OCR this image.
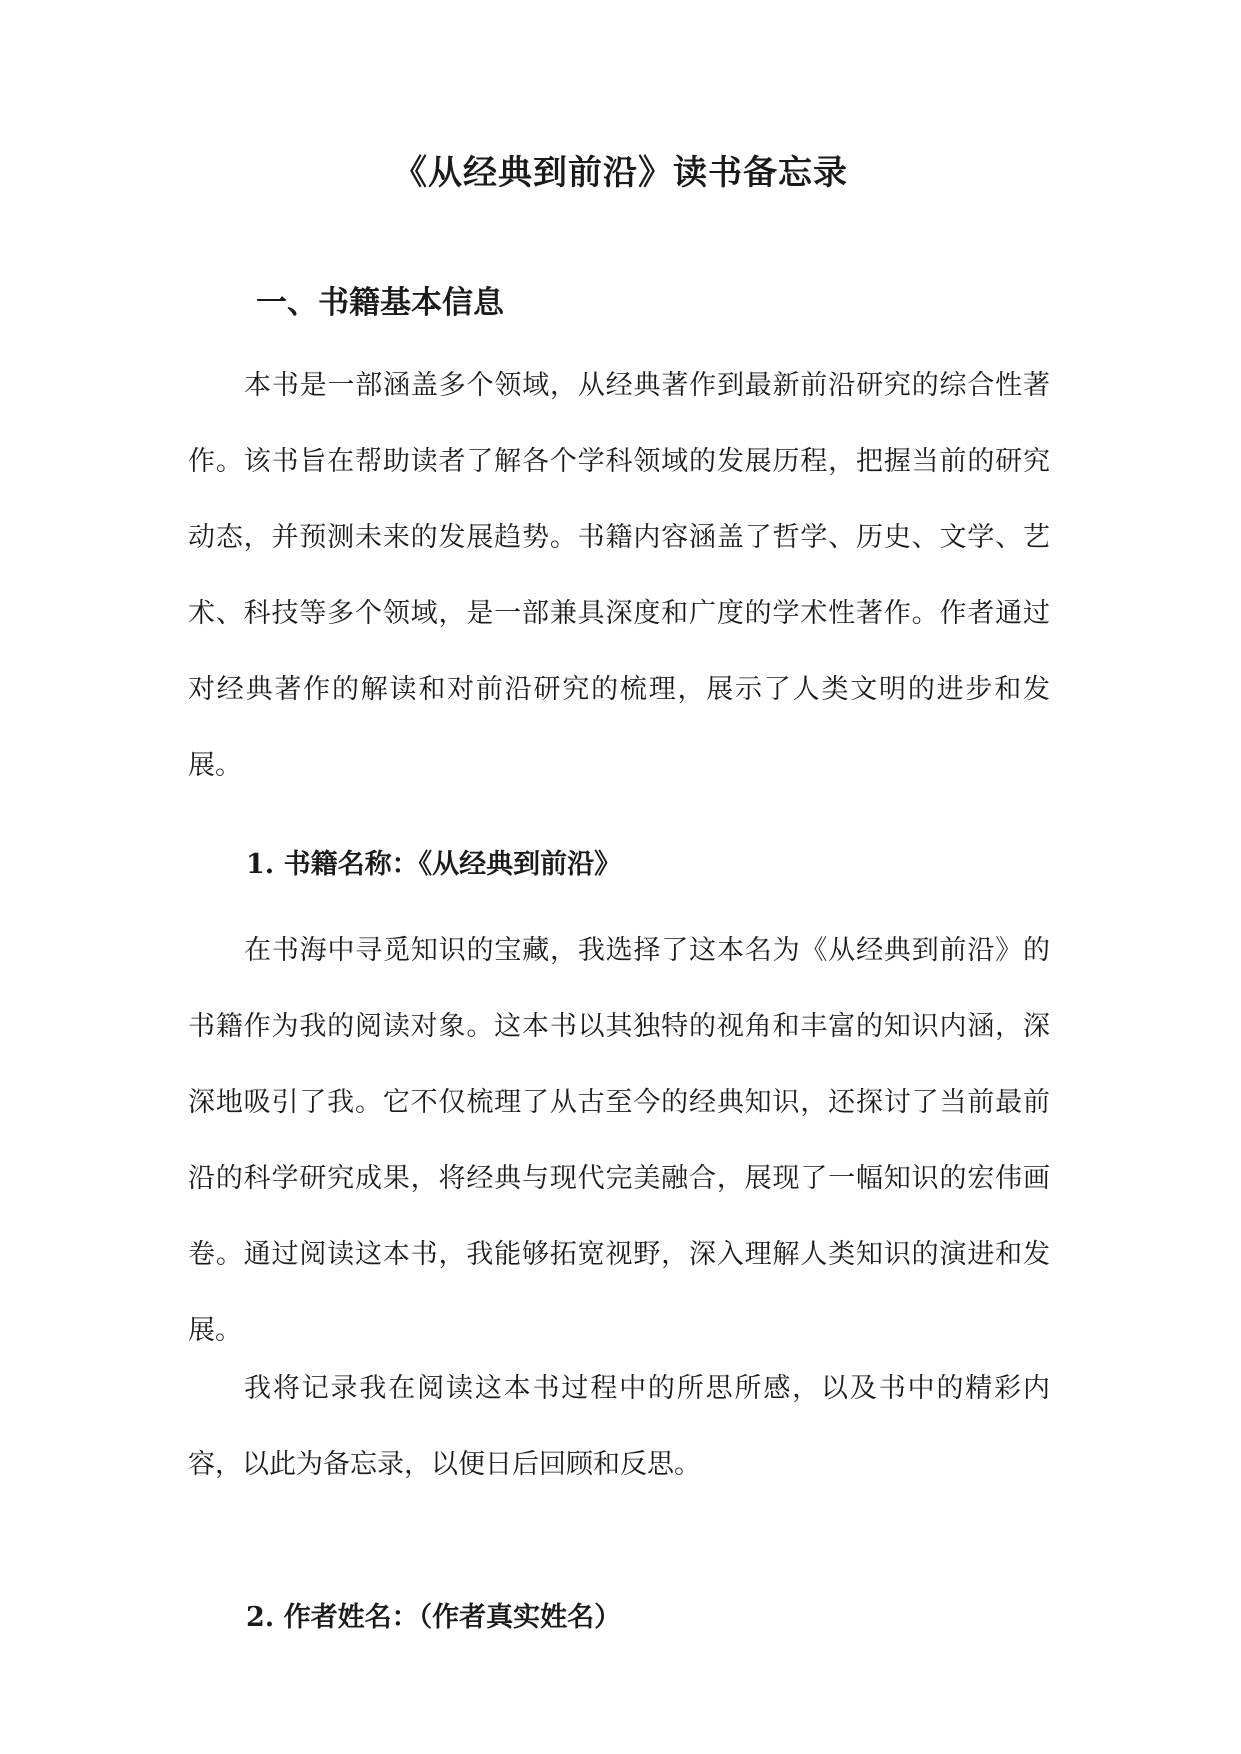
《从经典到前沿》读书备忘录
一、书籍基本信息

本书是一部涵盖多个领域，从经典著作到最新前沿研究的综合性著作。该书旨在帮助读者了解各个学科领域的发展历程，把握当前的研究动态，并预测未来的发展趋势。书籍内容涵盖了哲学、历史、文学、艺术、科技等多个领域，是一部兼具深度和广度的学术性著作。作者通过对经典著作的解读和对前沿研究的梳理，展示了人类文明的进步和发展。

1. 书籍名称：《从经典到前沿》

在书海中寻觅知识的宝藏，我选择了这本名为《从经典到前沿》的书籍作为我的阅读对象。这本书以其独特的视角和丰富的知识内涵，深深地吸引了我。它不仅梳理了从古至今的经典知识，还探讨了当前最前沿的科学研究成果，将经典与现代完美融合，展现了一幅知识的宏伟画卷。通过阅读这本书，我能够拓宽视野，深入理解人类知识的演进和发展。

我将记录我在阅读这本书过程中的所思所感，以及书中的精彩内容，以此为备忘录，以便日后回顾和反思。

2. 作者姓名：（作者真实姓名）
